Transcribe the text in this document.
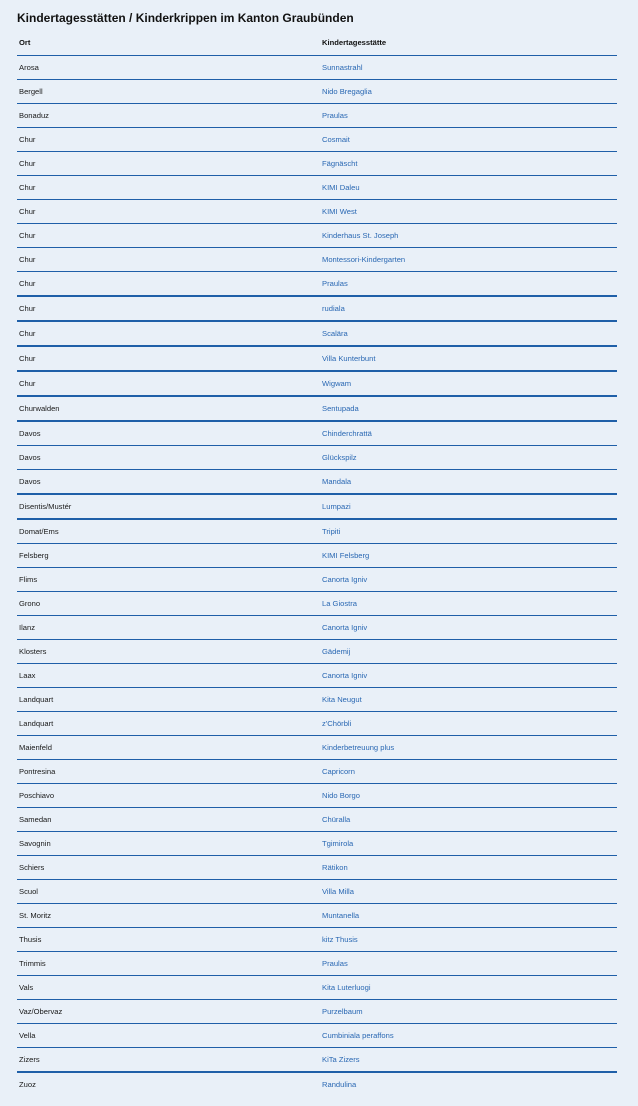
Kindertagesstätten / Kinderkrippen im Kanton Graubünden
Ort	Kindertagesstätte
Arosa	Sunnastrahl
Bergell	Nido Bregaglia
Bonaduz	Praulas
Chur	Cosmait
Chur	Fägnäscht
Chur	KIMI Daleu
Chur	KIMI West
Chur	Kinderhaus St. Joseph
Chur	Montessori-Kindergarten
Chur	Praulas
Chur	rudiala
Chur	Scalära
Chur	Villa Kunterbunt
Chur	Wigwam
Churwalden	Sentupada
Davos	Chinderchrattä
Davos	Glückspilz
Davos	Mandala
Disentis/Mustér	Lumpazi
Domat/Ems	Tripiti
Felsberg	KIMI Felsberg
Flims	Canorta Igniv
Grono	La Giostra
Ilanz	Canorta Igniv
Klosters	Gädemij
Laax	Canorta Igniv
Landquart	Kita Neugut
Landquart	z'Chörbli
Maienfeld	Kinderbetreuung plus
Pontresina	Capricorn
Poschiavo	Nido Borgo
Samedan	Chüralla
Savognin	Tgimirola
Schiers	Rätikon
Scuol	Villa Milla
St. Moritz	Muntanella
Thusis	kitz Thusis
Trimmis	Praulas
Vals	Kita Luterluogi
Vaz/Obervaz	Purzelbaum
Vella	Cumbiniala peraffons
Zizers	KiTa Zizers
Zuoz	Randulina
